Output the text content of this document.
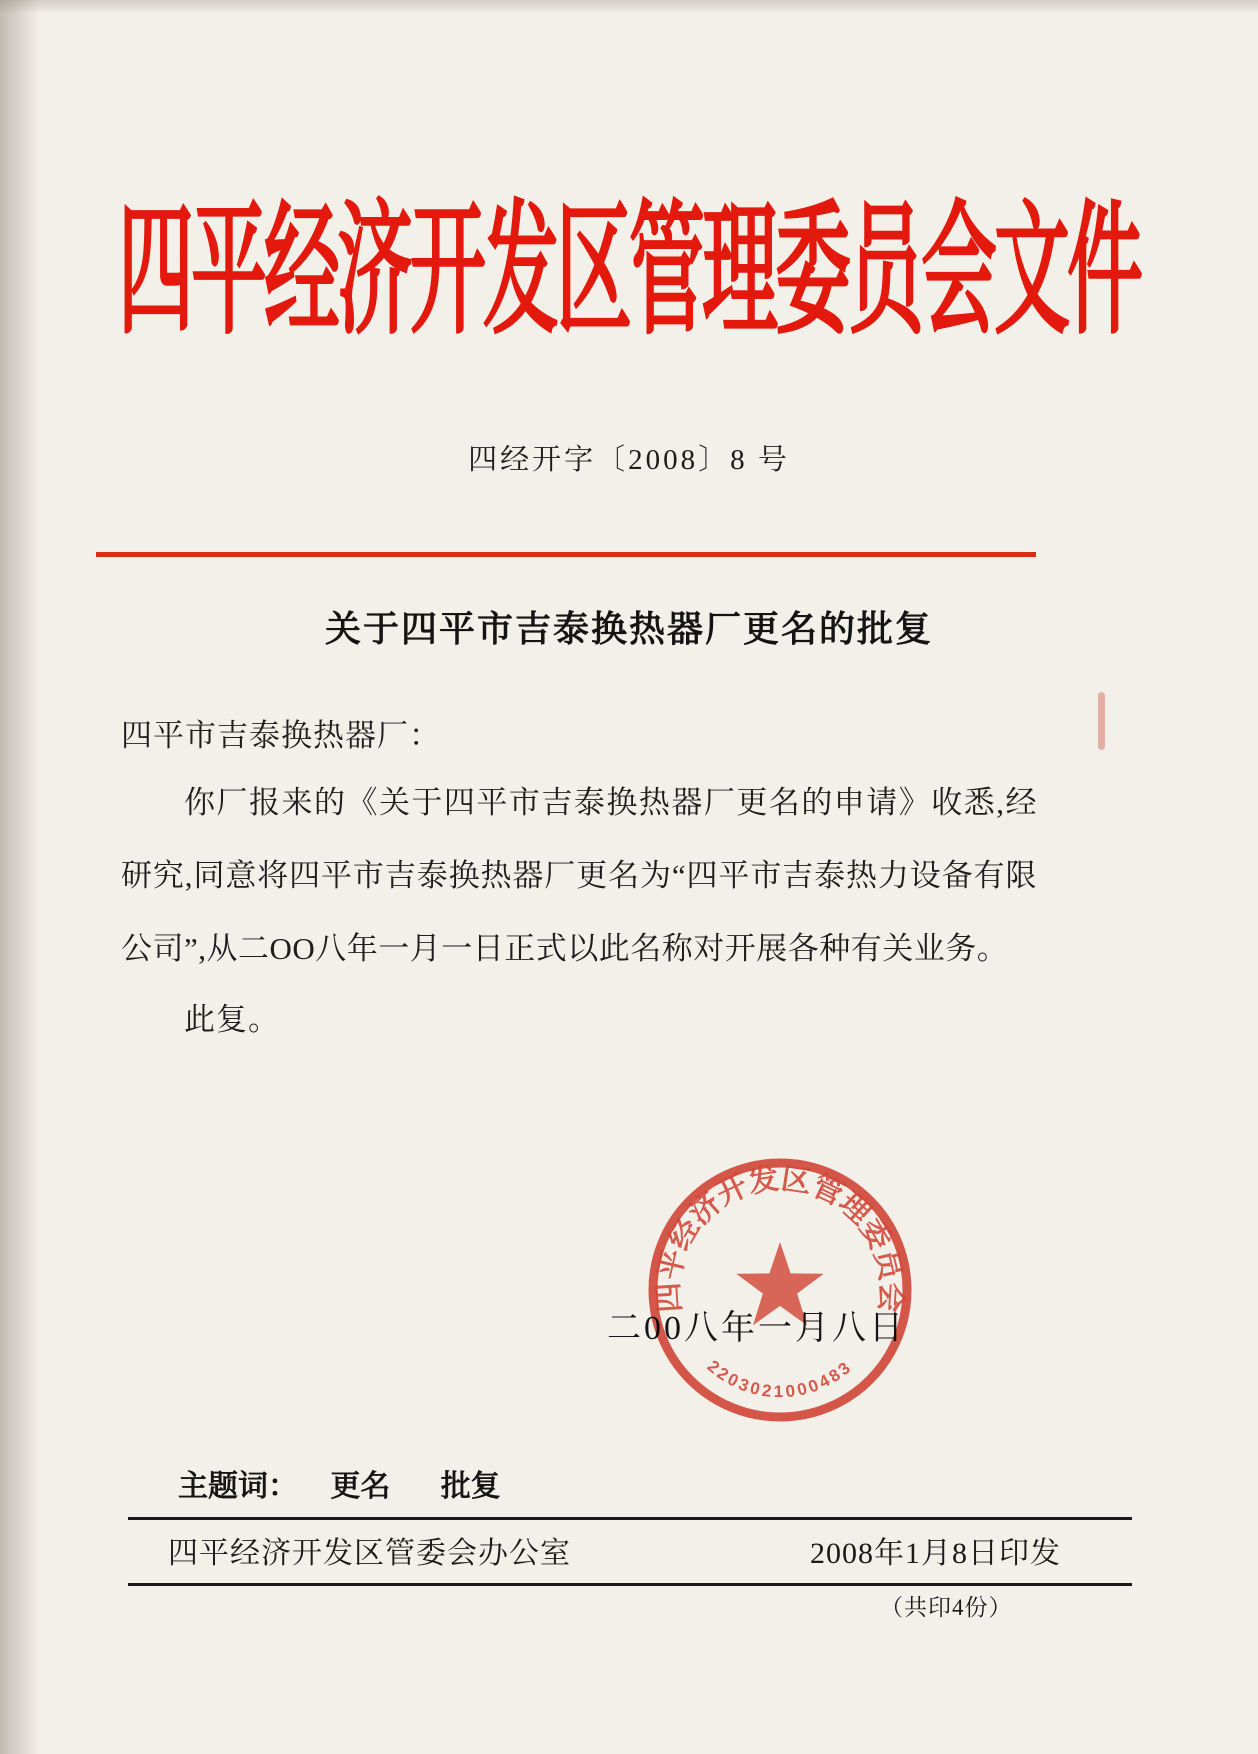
四平经济开发区管理委员会文件
四经开字〔2008〕8 号
关于四平市吉泰换热器厂更名的批复
四平市吉泰换热器厂：
你厂报来的《关于四平市吉泰换热器厂更名的申请》收悉,经研究,同意将四平市吉泰换热器厂更名为“四平市吉泰热力设备有限公司”,从二OO八年一月一日正式以此名称对开展各种有关业务。
此复。
二00八年一月八日
四平经济开发区管理委员会
2203021000483
主题词： 更名 批复
四平经济开发区管委会办公室	2008年1月8日印发
（共印4份）
